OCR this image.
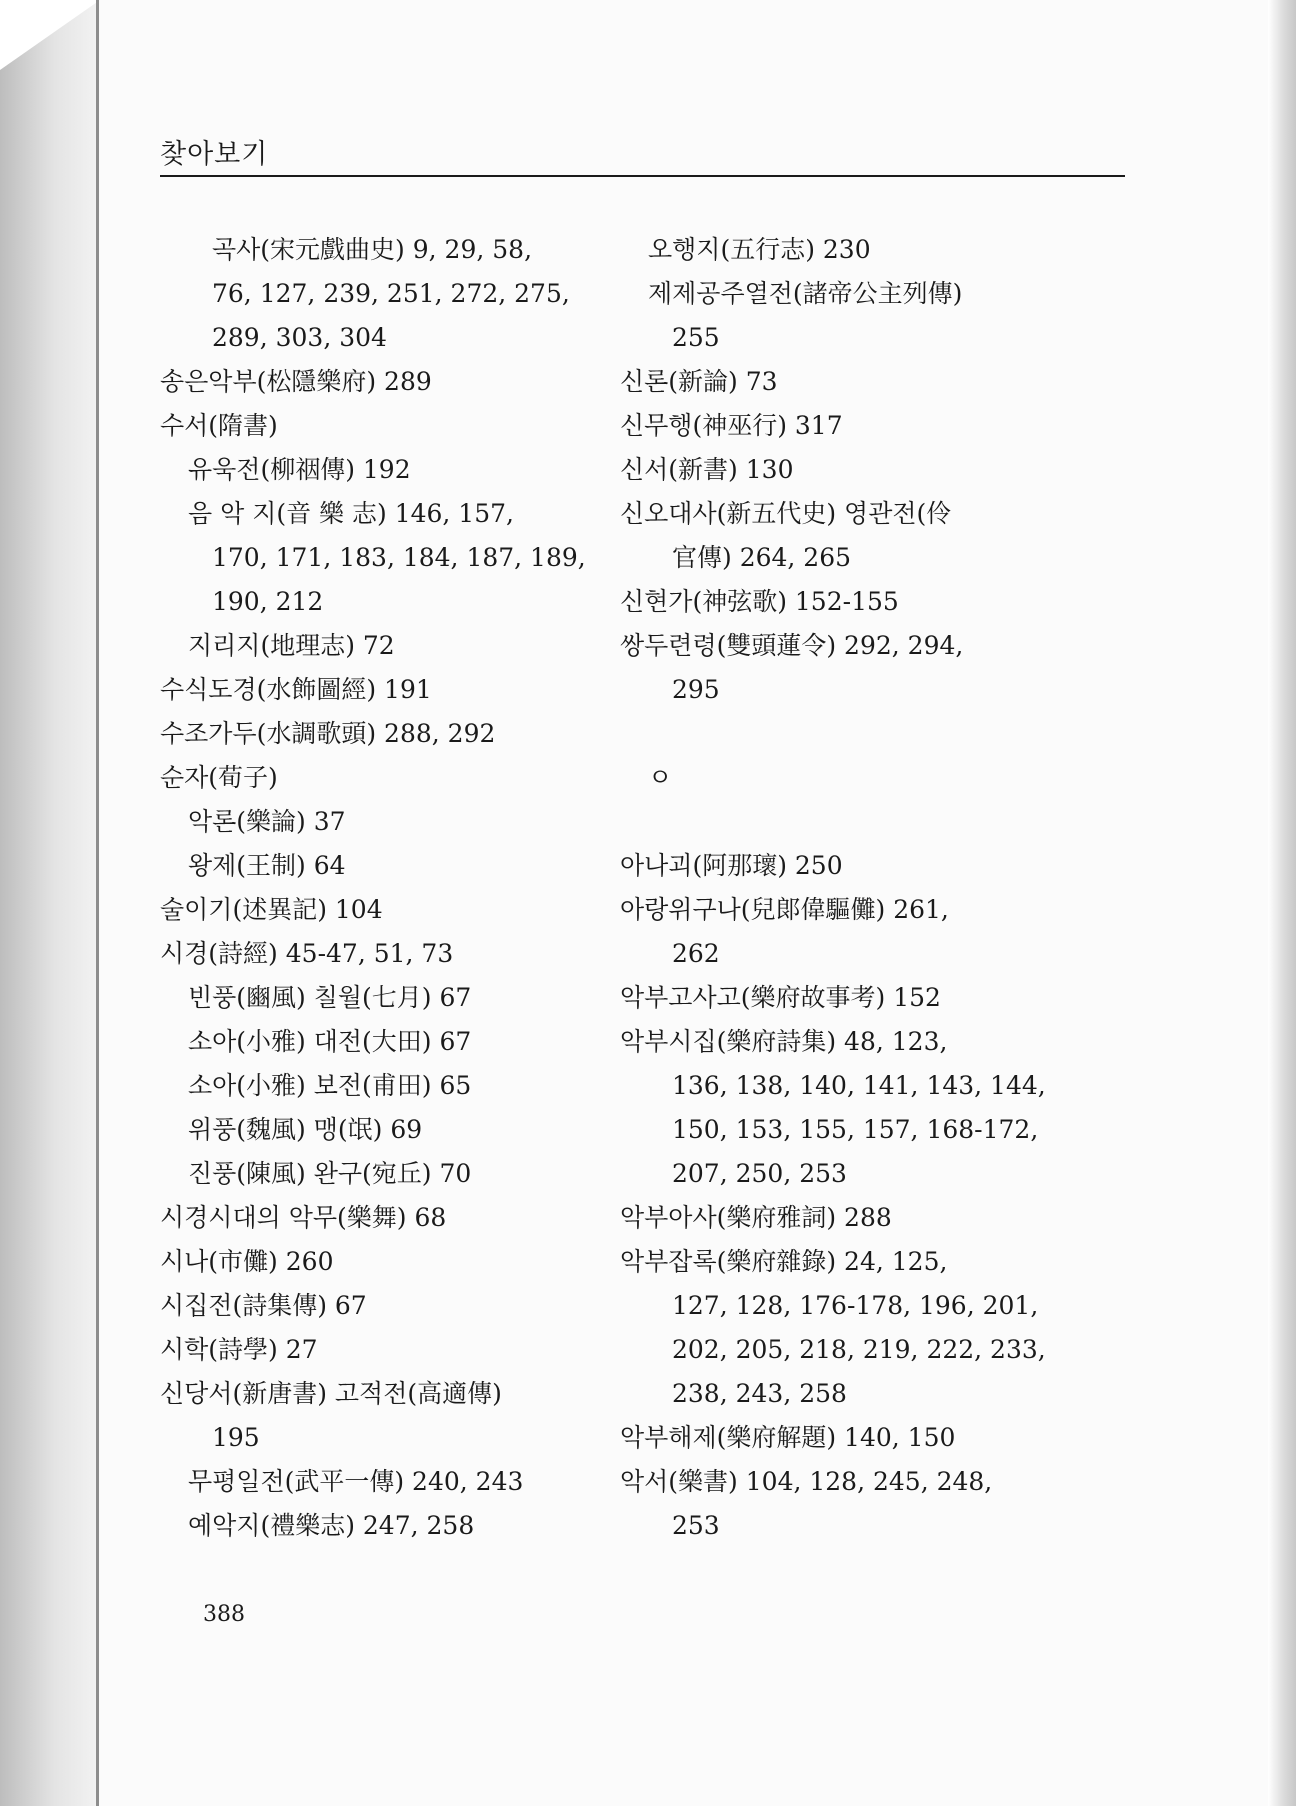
찾아보기
곡사(宋元戲曲史) 9, 29, 58,
76, 127, 239, 251, 272, 275,
289, 303, 304
송은악부(松隱樂府) 289
수서(隋書)
유욱전(柳䄄傳) 192
음 악 지(音 樂 志) 146, 157,
170, 171, 183, 184, 187, 189,
190, 212
지리지(地理志) 72
수식도경(水飾圖經) 191
수조가두(水調歌頭) 288, 292
순자(荀子)
악론(樂論) 37
왕제(王制) 64
술이기(述異記) 104
시경(詩經) 45-47, 51, 73
빈풍(豳風) 칠월(七月) 67
소아(小雅) 대전(大田) 67
소아(小雅) 보전(甫田) 65
위풍(魏風) 맹(氓) 69
진풍(陳風) 완구(宛丘) 70
시경시대의 악무(樂舞) 68
시나(市儺) 260
시집전(詩集傳) 67
시학(詩學) 27
신당서(新唐書) 고적전(高適傳)
195
무평일전(武平一傳) 240, 243
예악지(禮樂志) 247, 258
오행지(五行志) 230
제제공주열전(諸帝公主列傳)
255
신론(新論) 73
신무행(神巫行) 317
신서(新書) 130
신오대사(新五代史) 영관전(伶
官傳) 264, 265
신현가(神弦歌) 152-155
쌍두련령(雙頭蓮令) 292, 294,
295
ㅇ
아나괴(阿那瓌) 250
아랑위구나(兒郞偉驅儺) 261,
262
악부고사고(樂府故事考) 152
악부시집(樂府詩集) 48, 123,
136, 138, 140, 141, 143, 144,
150, 153, 155, 157, 168-172,
207, 250, 253
악부아사(樂府雅詞) 288
악부잡록(樂府雜錄) 24, 125,
127, 128, 176-178, 196, 201,
202, 205, 218, 219, 222, 233,
238, 243, 258
악부해제(樂府解題) 140, 150
악서(樂書) 104, 128, 245, 248,
253
388
